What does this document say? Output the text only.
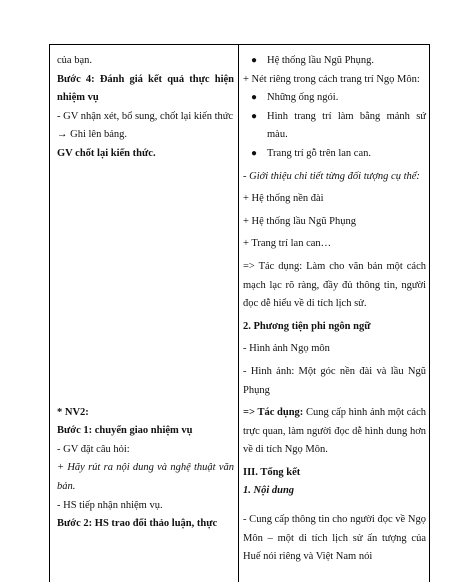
của bạn.

Bước 4: Đánh giá kết quả thực hiện nhiệm vụ

- GV nhận xét, bổ sung, chốt lại kiến thức

→ Ghi lên bảng.

GV chốt lại kiến thức.

* NV2:

Bước 1: chuyển giao nhiệm vụ

- GV đặt câu hỏi:

+ Hãy rút ra nội dung và nghệ thuật văn bản.

- HS tiếp nhận nhiệm vụ.

Bước 2: HS trao đổi thảo luận, thực

● Hệ thống lầu Ngũ Phụng.

+ Nét riêng trong cách trang trí Ngọ Môn:

● Những ống ngói.
● Hình trang trí làm bằng mảnh sứ màu.
● Trang trí gỗ trên lan can.

- Giới thiệu chi tiết từng đối tượng cụ thể:

+ Hệ thống nền đài

+ Hệ thống lầu Ngũ Phụng

+ Trang trí lan can…

=> Tác dụng: Làm cho văn bản một cách mạch lạc rõ ràng, đầy đủ thông tin, người đọc dễ hiểu về di tích lịch sử.

2. Phương tiện phi ngôn ngữ

- Hình ảnh Ngọ môn

- Hình ảnh: Một góc nền đài và lầu Ngũ Phụng

=> Tác dụng: Cung cấp hình ảnh một cách trực quan, làm người đọc dễ hình dung hơn về di tích Ngọ Môn.

III. Tổng kết

1. Nội dung

- Cung cấp thông tin cho người đọc về Ngọ Môn – một di tích lịch sử ấn tượng của Huế nói riêng và Việt Nam nói
